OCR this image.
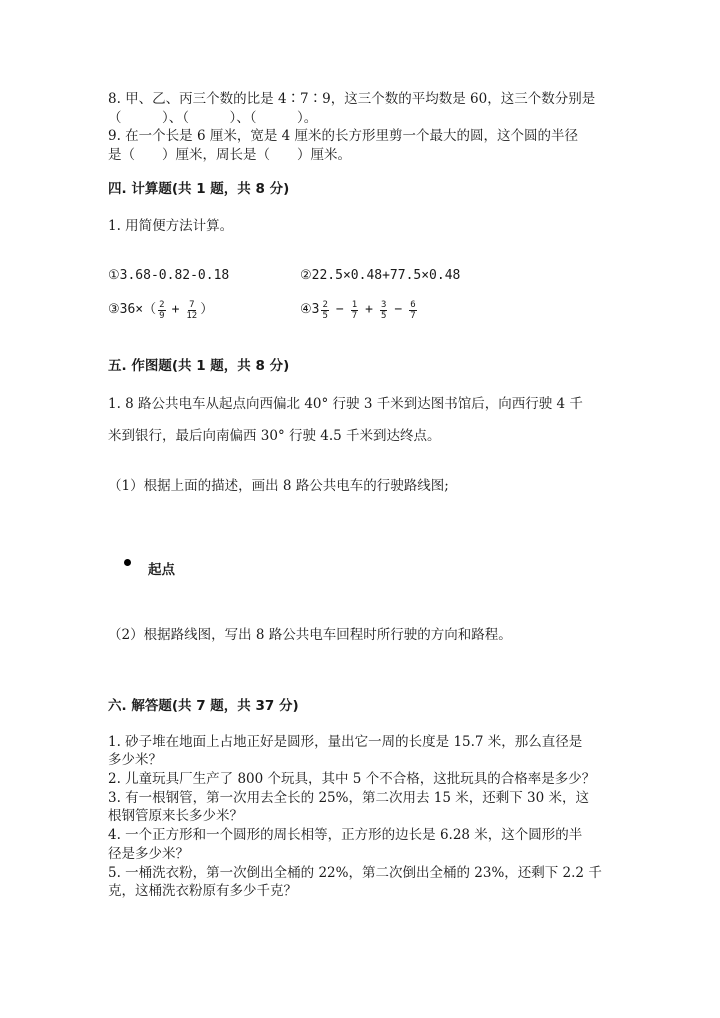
8. 甲、乙、丙三个数的比是 4∶7∶9，这三个数的平均数是 60，这三个数分别是
（　　　）、（　　　）、（　　　）。
9. 在一个长是 6 厘米，宽是 4 厘米的长方形里剪一个最大的圆，这个圆的半径
是（　　）厘米，周长是（　　）厘米。
四. 计算题(共 1 题，共 8 分)
1. 用简便方法计算。
①3.68-0.82-0.18	②22.5×0.48+77.5×0.48
③36×（ $\frac{2}{9} + \frac{7}{12}$ ）	④3 $\frac{2}{5} - \frac{1}{7} + \frac{3}{5} - \frac{6}{7}$
五. 作图题(共 1 题，共 8 分)
1. 8 路公共电车从起点向西偏北 40° 行驶 3 千米到达图书馆后，向西行驶 4 千
米到银行，最后向南偏西 30° 行驶 4.5 千米到达终点。
（1）根据上面的描述，画出 8 路公共电车的行驶路线图;
起点
（2）根据路线图，写出 8 路公共电车回程时所行驶的方向和路程。
六. 解答题(共 7 题，共 37 分)
1. 砂子堆在地面上占地正好是圆形，量出它一周的长度是 15.7 米，那么直径是
多少米？
2. 儿童玩具厂生产了 800 个玩具，其中 5 个不合格，这批玩具的合格率是多少？
3. 有一根钢管，第一次用去全长的 25%，第二次用去 15 米，还剩下 30 米，这
根钢管原来长多少米？
4. 一个正方形和一个圆形的周长相等，正方形的边长是 6.28 米，这个圆形的半
径是多少米？
5. 一桶洗衣粉，第一次倒出全桶的 22%，第二次倒出全桶的 23%，还剩下 2.2 千
克，这桶洗衣粉原有多少千克？
